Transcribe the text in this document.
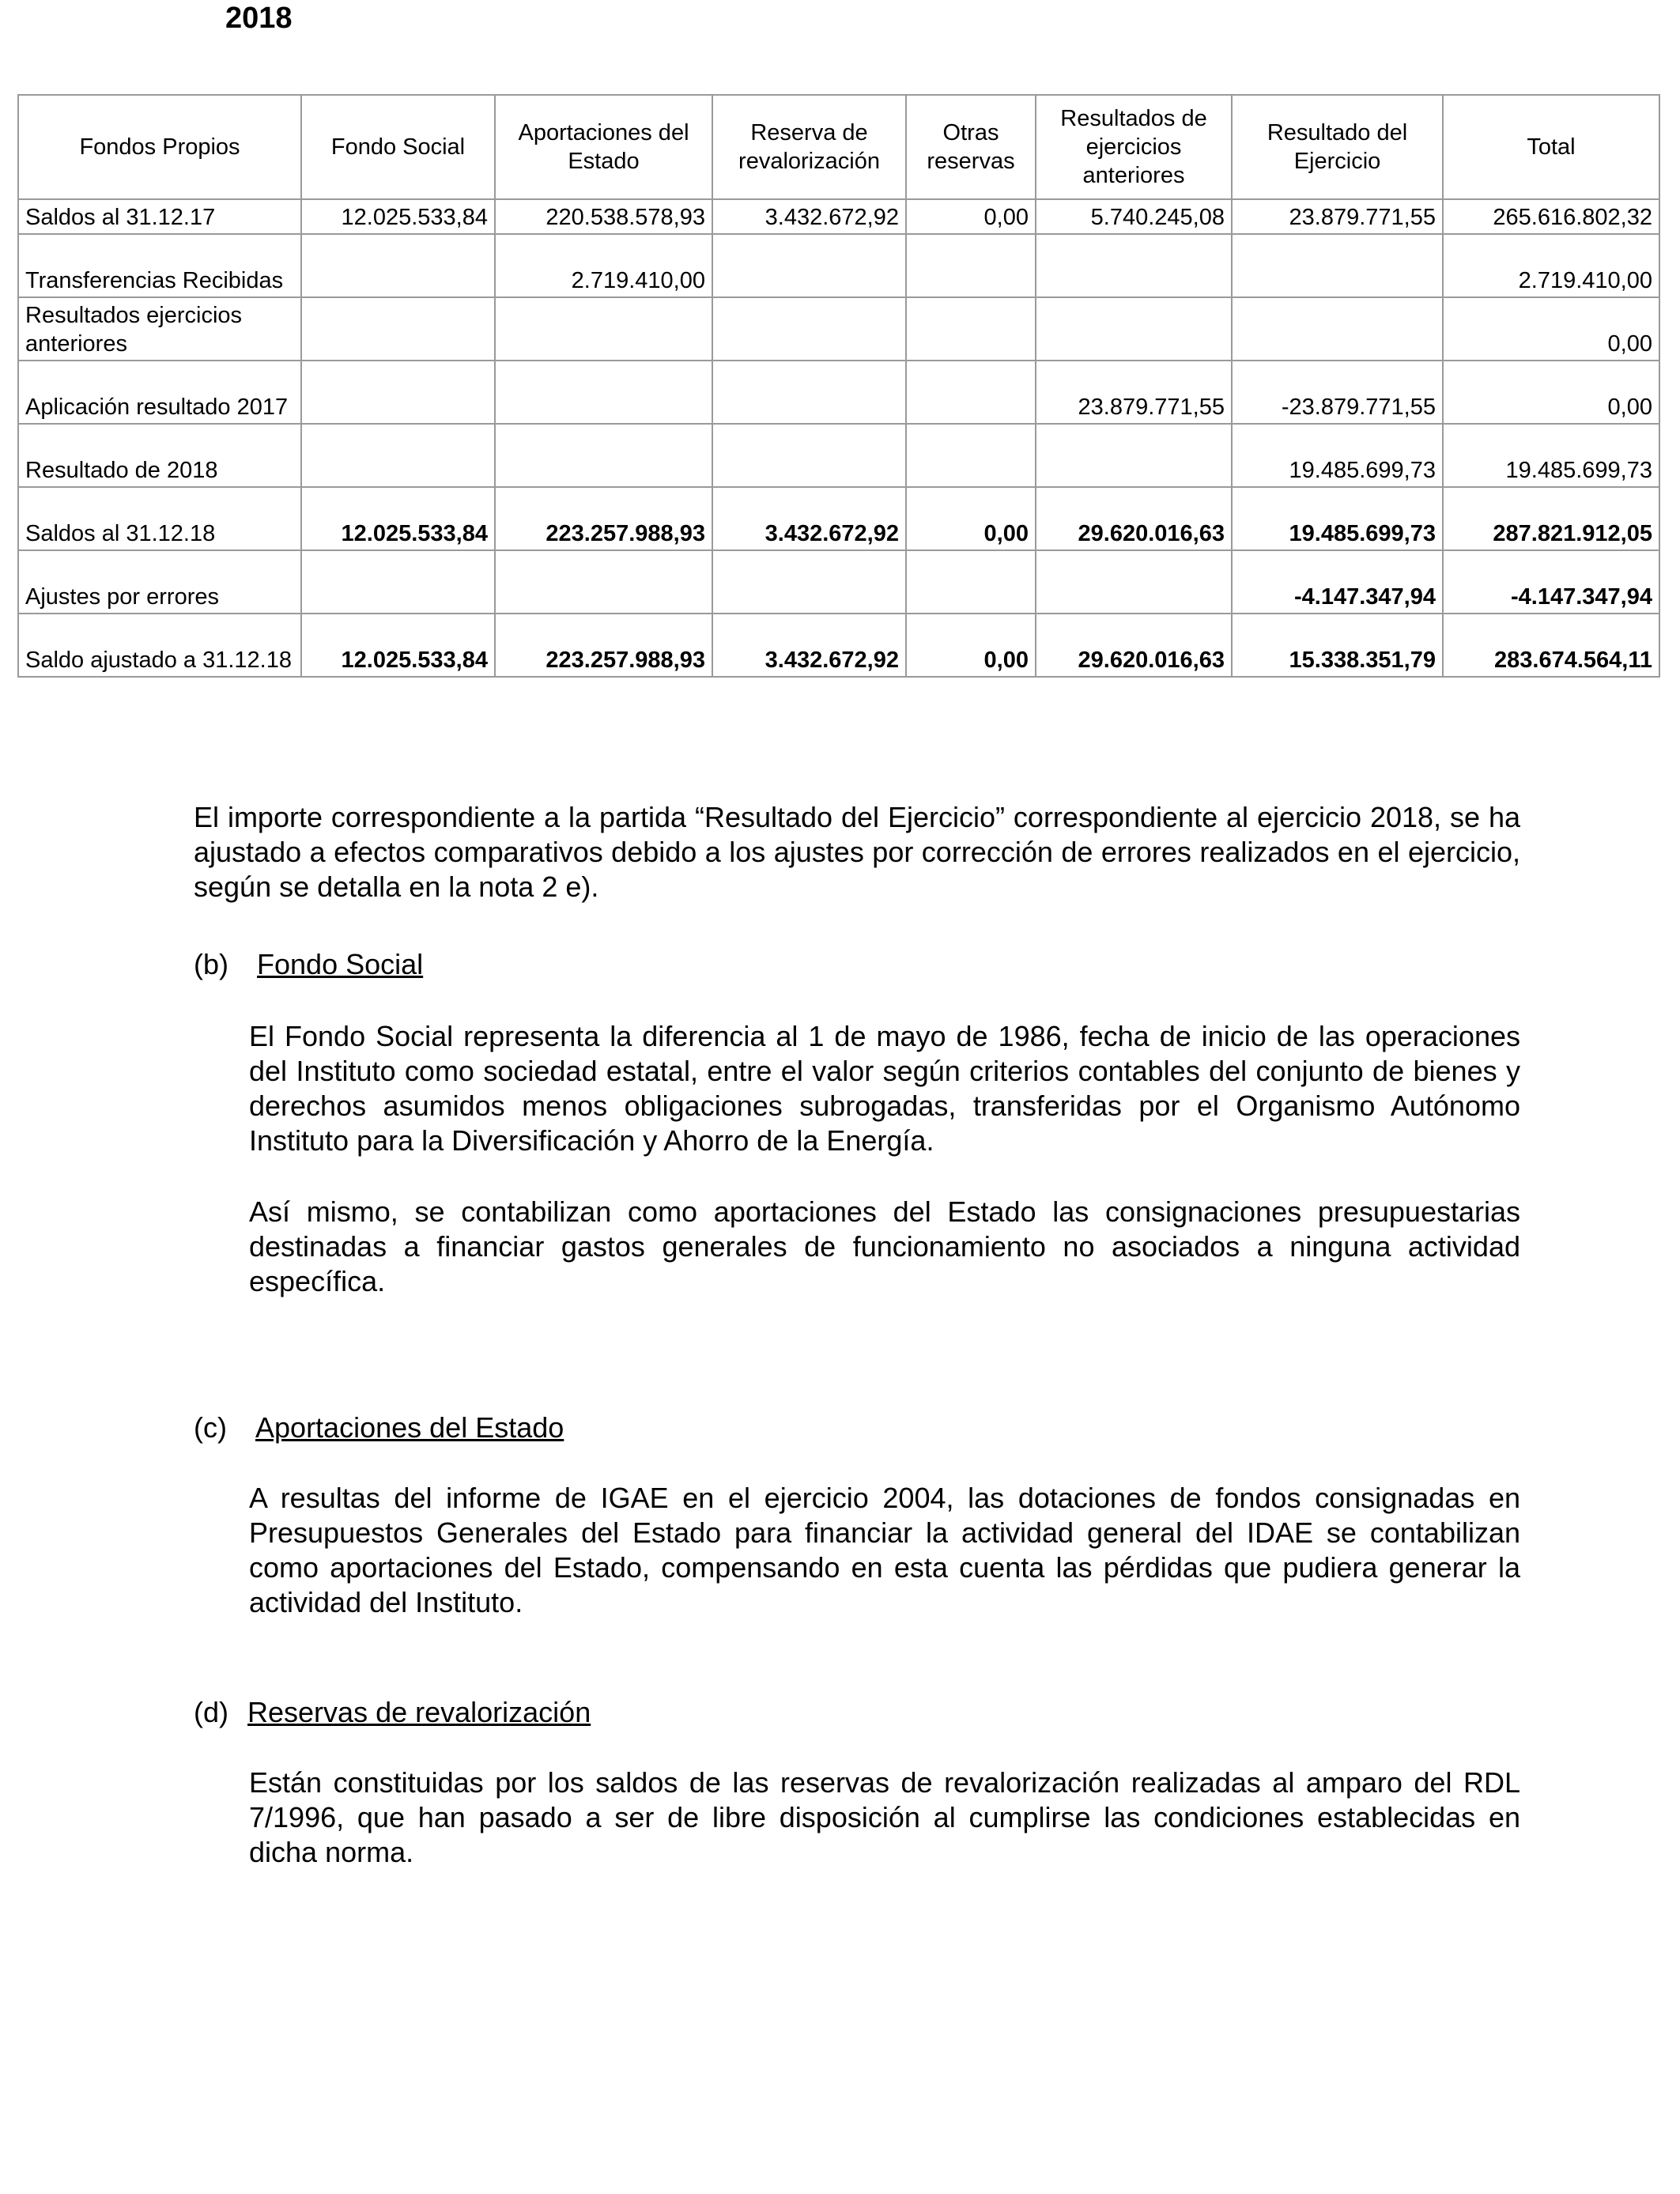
2018
Fondos Propios	Fondo Social	Aportaciones del Estado	Reserva de revalorización	Otras reservas	Resultados de ejercicios anteriores	Resultado del Ejercicio	Total
Saldos al 31.12.17	12.025.533,84	220.538.578,93	3.432.672,92	0,00	5.740.245,08	23.879.771,55	265.616.802,32
Transferencias Recibidas		2.719.410,00					2.719.410,00
Resultados ejercicios anteriores							0,00
Aplicación resultado 2017					23.879.771,55	-23.879.771,55	0,00
Resultado de 2018						19.485.699,73	19.485.699,73
Saldos al 31.12.18	12.025.533,84	223.257.988,93	3.432.672,92	0,00	29.620.016,63	19.485.699,73	287.821.912,05
Ajustes por errores						-4.147.347,94	-4.147.347,94
Saldo ajustado a 31.12.18	12.025.533,84	223.257.988,93	3.432.672,92	0,00	29.620.016,63	15.338.351,79	283.674.564,11

El importe correspondiente a la partida “Resultado del Ejercicio” correspondiente al ejercicio 2018, se ha ajustado a efectos comparativos debido a los ajustes por corrección de errores realizados en el ejercicio, según se detalla en la nota 2 e).

(b) Fondo Social

El Fondo Social representa la diferencia al 1 de mayo de 1986, fecha de inicio de las operaciones del Instituto como sociedad estatal, entre el valor según criterios contables del conjunto de bienes y derechos asumidos menos obligaciones subrogadas, transferidas por el Organismo Autónomo Instituto para la Diversificación y Ahorro de la Energía.

Así mismo, se contabilizan como aportaciones del Estado las consignaciones presupuestarias destinadas a financiar gastos generales de funcionamiento no asociados a ninguna actividad específica.

(c) Aportaciones del Estado

A resultas del informe de IGAE en el ejercicio 2004, las dotaciones de fondos consignadas en Presupuestos Generales del Estado para financiar la actividad general del IDAE se contabilizan como aportaciones del Estado, compensando en esta cuenta las pérdidas que pudiera generar la actividad del Instituto.

(d) Reservas de revalorización

Están constituidas por los saldos de las reservas de revalorización realizadas al amparo del RDL 7/1996, que han pasado a ser de libre disposición al cumplirse las condiciones establecidas en dicha norma.
